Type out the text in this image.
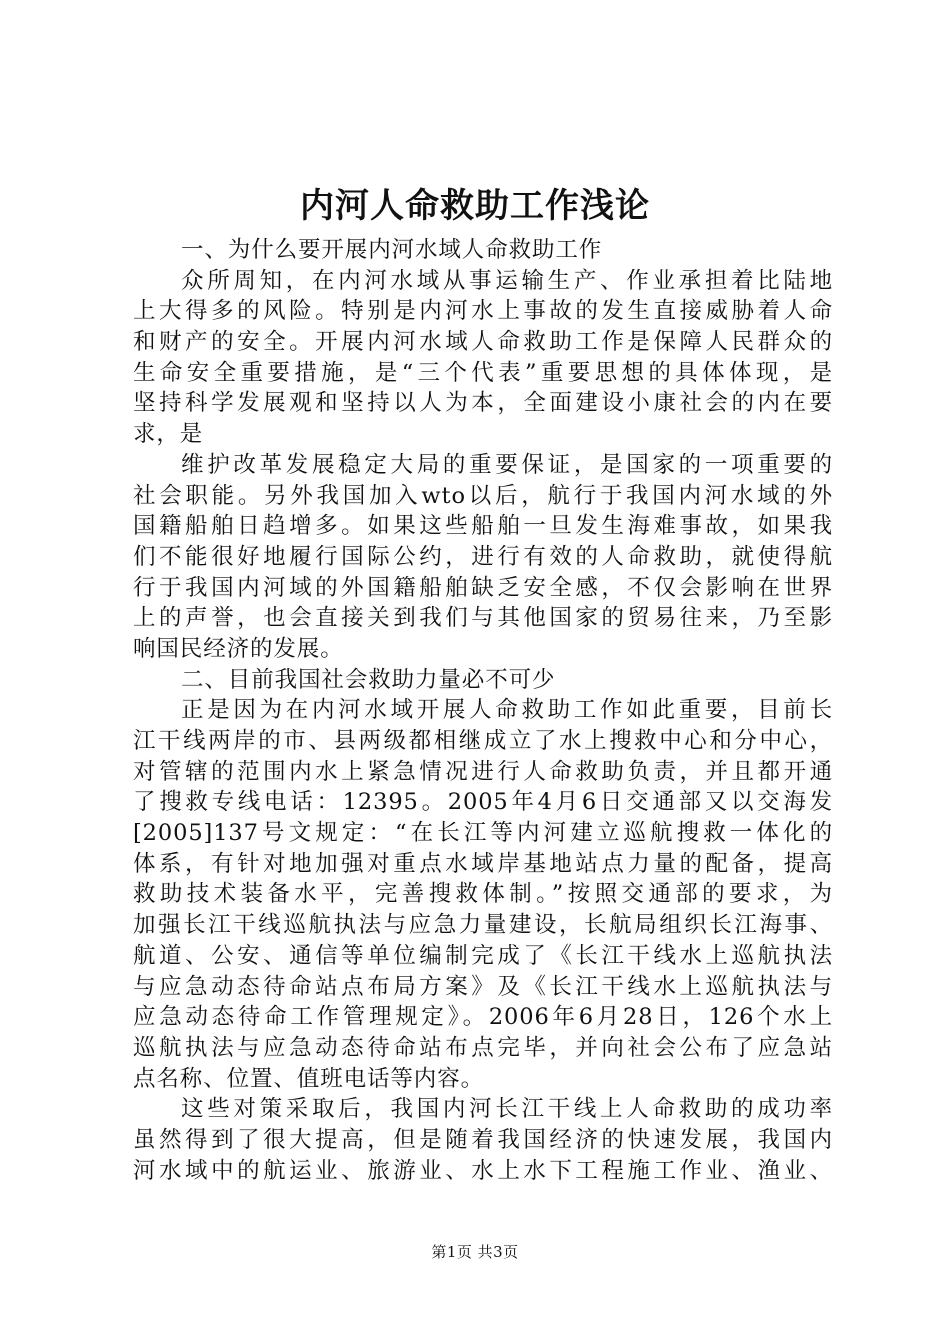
内河人命救助工作浅论
一、为什么要开展内河水域人命救助工作
众所周知，在内河水域从事运输生产、作业承担着比陆地
上大得多的风险。特别是内河水上事故的发生直接威胁着人命
和财产的安全。开展内河水域人命救助工作是保障人民群众的
生命安全重要措施，是“三个代表”重要思想的具体体现，是
坚持科学发展观和坚持以人为本，全面建设小康社会的内在要
求，是
维护改革发展稳定大局的重要保证，是国家的一项重要的
社会职能。另外我国加入wto以后，航行于我国内河水域的外
国籍船舶日趋增多。如果这些船舶一旦发生海难事故，如果我
们不能很好地履行国际公约，进行有效的人命救助，就使得航
行于我国内河域的外国籍船舶缺乏安全感，不仅会影响在世界
上的声誉，也会直接关到我们与其他国家的贸易往来，乃至影
响国民经济的发展。
二、目前我国社会救助力量必不可少
正是因为在内河水域开展人命救助工作如此重要，目前长
江干线两岸的市、县两级都相继成立了水上搜救中心和分中心，
对管辖的范围内水上紧急情况进行人命救助负责，并且都开通
了搜救专线电话：12395。2005年4月6日交通部又以交海发
[2005]137号文规定：“在长江等内河建立巡航搜救一体化的
体系，有针对地加强对重点水域岸基地站点力量的配备，提高
救助技术装备水平，完善搜救体制。”按照交通部的要求，为
加强长江干线巡航执法与应急力量建设，长航局组织长江海事、
航道、公安、通信等单位编制完成了《长江干线水上巡航执法
与应急动态待命站点布局方案》及《长江干线水上巡航执法与
应急动态待命工作管理规定》。2006年6月28日，126个水上
巡航执法与应急动态待命站布点完毕，并向社会公布了应急站
点名称、位置、值班电话等内容。
这些对策采取后，我国内河长江干线上人命救助的成功率
虽然得到了很大提高，但是随着我国经济的快速发展，我国内
河水域中的航运业、旅游业、水上水下工程施工作业、渔业、
第1页 共3页
